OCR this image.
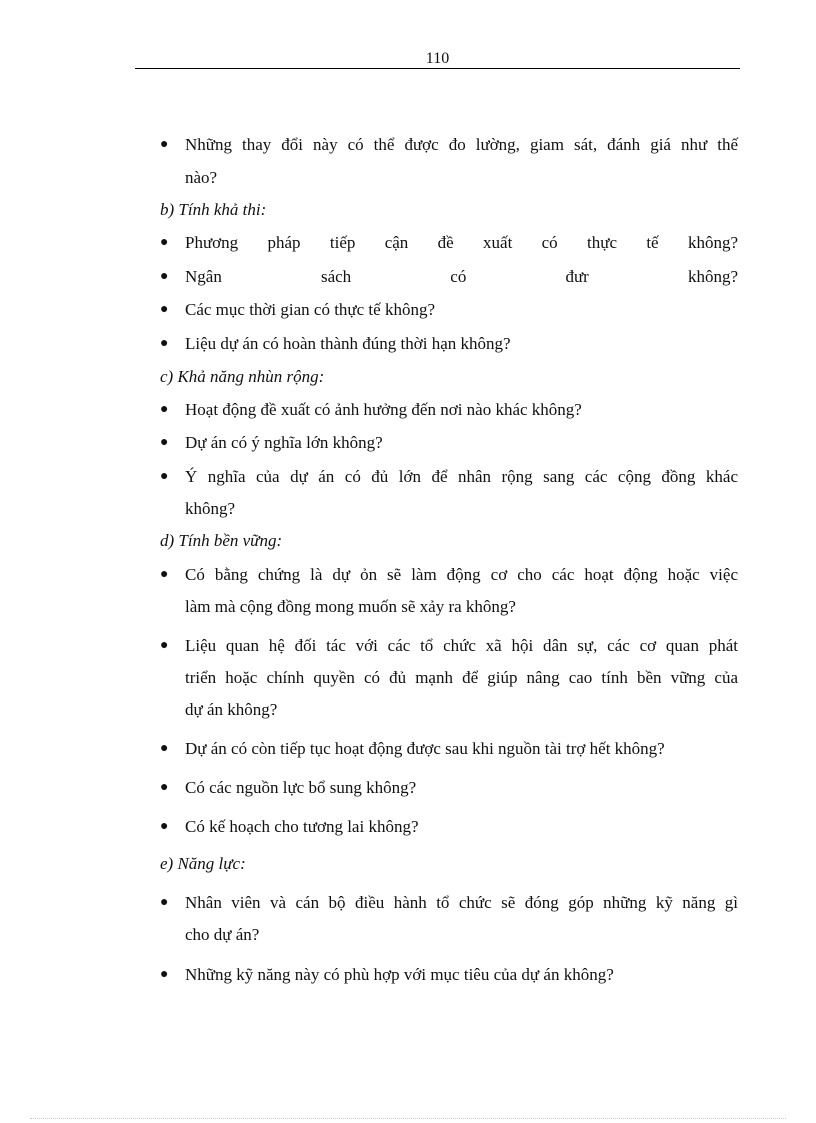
110
● Những thay đổi này có thể được đo lường, giam sát, đánh giá như thế
nào?
b) Tính khả thi:
● Phương pháp tiếp cận đề xuất có thực tế không?
● Ngân sách có đưr không?
● Các mục thời gian có thực tế không?
● Liệu dự án có hoàn thành đúng thời hạn không?
c) Khả năng nhùn rộng:
● Hoạt động đề xuất có ảnh hưởng đến nơi nào khác không?
● Dự án có ý nghĩa lớn không?
● Ý nghĩa của dự án có đủ lớn để nhân rộng sang các cộng đồng khác
không?
d) Tính bền vững:
● Có bằng chứng là dự ỏn sẽ làm động cơ cho các hoạt động hoặc việc
làm mà cộng đồng mong muốn sẽ xảy ra không?
● Liệu quan hệ đối tác với các tổ chức xã hội dân sự, các cơ quan phát
triển hoặc chính quyền có đủ mạnh để giúp nâng cao tính bền vững của
dự án không?
● Dự án có còn tiếp tục hoạt động được sau khi nguồn tài trợ hết không?
● Có các nguồn lực bổ sung không?
● Có kế hoạch cho tương lai không?
e) Năng lực:
● Nhân viên và cán bộ điều hành tổ chức sẽ đóng góp những kỹ năng gì
cho dự án?
● Những kỹ năng này có phù hợp với mục tiêu của dự án không?
